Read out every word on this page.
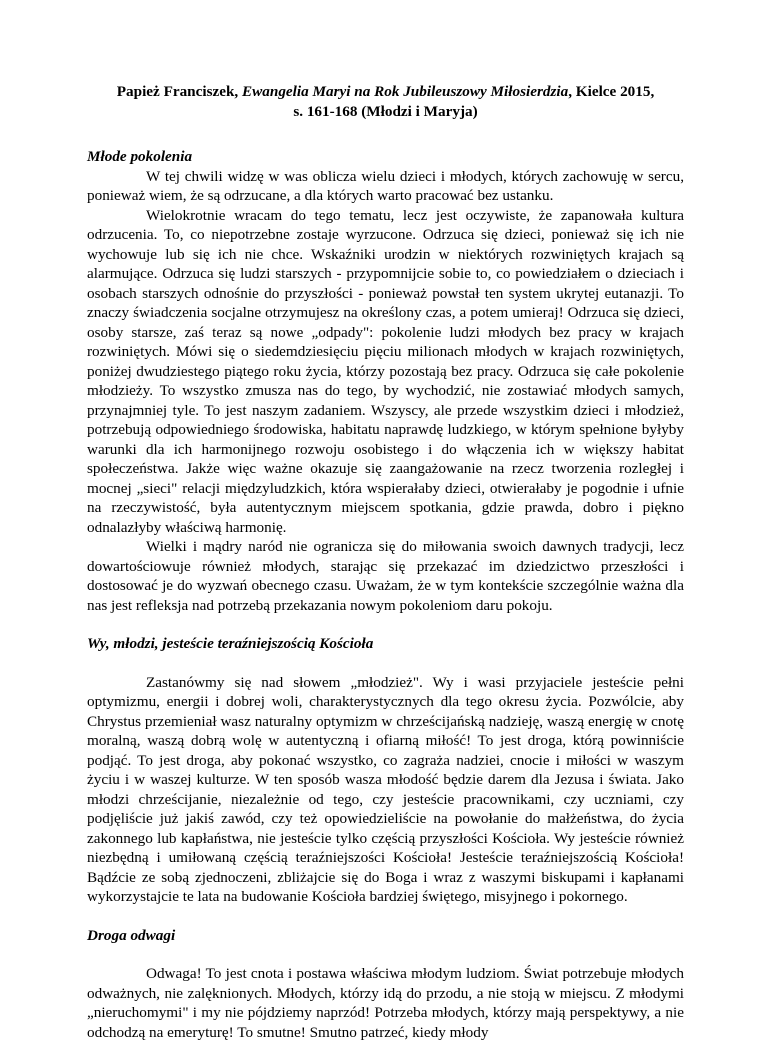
Papież Franciszek, Ewangelia Maryi na Rok Jubileuszowy Miłosierdzia, Kielce 2015,
s. 161-168 (Młodzi i Maryja)

Młode pokolenia

W tej chwili widzę w was oblicza wielu dzieci i młodych, których zachowuję w sercu, ponieważ wiem, że są odrzucane, a dla których warto pracować bez ustanku.

Wielokrotnie wracam do tego tematu, lecz jest oczywiste, że zapanowała kultura odrzucenia. To, co niepotrzebne zostaje wyrzucone. Odrzuca się dzieci, ponieważ się ich nie wychowuje lub się ich nie chce. Wskaźniki urodzin w niektórych rozwiniętych krajach są alarmujące. Odrzuca się ludzi starszych - przypomnijcie sobie to, co powiedziałem o dzieciach i osobach starszych odnośnie do przyszłości - ponieważ powstał ten system ukrytej eutanazji. To znaczy świadczenia socjalne otrzymujesz na określony czas, a potem umieraj! Odrzuca się dzieci, osoby starsze, zaś teraz są nowe „odpady": pokolenie ludzi młodych bez pracy w krajach rozwiniętych. Mówi się o siedemdziesięciu pięciu milionach młodych w krajach rozwiniętych, poniżej dwudziestego piątego roku życia, którzy pozostają bez pracy. Odrzuca się całe pokolenie młodzieży. To wszystko zmusza nas do tego, by wychodzić, nie zostawiać młodych samych, przynajmniej tyle. To jest naszym zadaniem. Wszyscy, ale przede wszystkim dzieci i młodzież, potrzebują odpowiedniego środowiska, habitatu naprawdę ludzkiego, w którym spełnione byłyby warunki dla ich harmonijnego rozwoju osobistego i do włączenia ich w większy habitat społeczeństwa. Jakże więc ważne okazuje się zaangażowanie na rzecz tworzenia rozległej i mocnej „sieci" relacji międzyludzkich, która wspierałaby dzieci, otwierałaby je pogodnie i ufnie na rzeczywistość, była autentycznym miejscem spotkania, gdzie prawda, dobro i piękno odnalazłyby właściwą harmonię.

Wielki i mądry naród nie ogranicza się do miłowania swoich dawnych tradycji, lecz dowartościowuje również młodych, starając się przekazać im dziedzictwo przeszłości i dostosować je do wyzwań obecnego czasu. Uważam, że w tym kontekście szczególnie ważna dla nas jest refleksja nad potrzebą przekazania nowym pokoleniom daru pokoju.

Wy, młodzi, jesteście teraźniejszością Kościoła

Zastanówmy się nad słowem „młodzież". Wy i wasi przyjaciele jesteście pełni optymizmu, energii i dobrej woli, charakterystycznych dla tego okresu życia. Pozwólcie, aby Chrystus przemieniał wasz naturalny optymizm w chrześcijańską nadzieję, waszą energię w cnotę moralną, waszą dobrą wolę w autentyczną i ofiarną miłość! To jest droga, którą powinniście podjąć. To jest droga, aby pokonać wszystko, co zagraża nadziei, cnocie i miłości w waszym życiu i w waszej kulturze. W ten sposób wasza młodość będzie darem dla Jezusa i świata. Jako młodzi chrześcijanie, niezależnie od tego, czy jesteście pracownikami, czy uczniami, czy podjęliście już jakiś zawód, czy też opowiedzieliście na powołanie do małżeństwa, do życia zakonnego lub kapłaństwa, nie jesteście tylko częścią przyszłości Kościoła. Wy jesteście również niezbędną i umiłowaną częścią teraźniejszości Kościoła! Jesteście teraźniejszością Kościoła! Bądźcie ze sobą zjednoczeni, zbliżajcie się do Boga i wraz z waszymi biskupami i kapłanami wykorzystajcie te lata na budowanie Kościoła bardziej świętego, misyjnego i pokornego.

Droga odwagi

Odwaga! To jest cnota i postawa właściwa młodym ludziom. Świat potrzebuje młodych odważnych, nie zalęknionych. Młodych, którzy idą do przodu, a nie stoją w miejscu. Z młodymi „nieruchomymi" i my nie pójdziemy naprzód! Potrzeba młodych, którzy mają perspektywy, a nie odchodzą na emeryturę! To smutne! Smutno patrzeć, kiedy młody
